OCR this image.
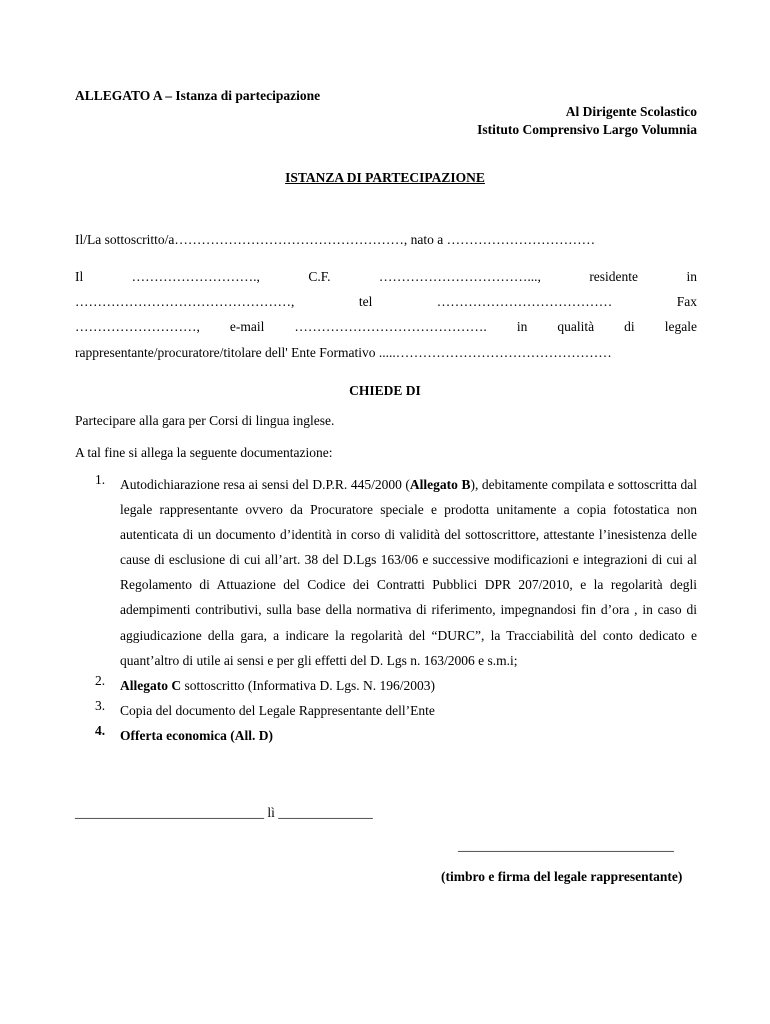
ALLEGATO A – Istanza di partecipazione
Al Dirigente Scolastico
Istituto Comprensivo Largo Volumnia
ISTANZA DI PARTECIPAZIONE
Il/La sottoscritto/a……………………………………………, nato a ……………………………
Il	……………………….,	C.F.	……………………………...,	residente	in
…………………………………………,	tel	…………………………………	Fax
………………………, e-mail ……………………………………. in qualità di legale
rappresentante/procuratore/titolare dell' Ente Formativo .....…………………………………………
CHIEDE DI
Partecipare alla gara per Corsi di lingua inglese.
A tal fine si allega la seguente documentazione:
1.	Autodichiarazione resa ai sensi del D.P.R. 445/2000 (Allegato B), debitamente compilata e sottoscritta dal legale rappresentante ovvero da Procuratore speciale e prodotta unitamente a copia fotostatica non autenticata di un documento d’identità in corso di validità del sottoscrittore, attestante l’inesistenza delle cause di esclusione di cui all’art. 38 del D.Lgs 163/06 e successive modificazioni e integrazioni di cui al Regolamento di Attuazione del Codice dei Contratti Pubblici DPR 207/2010, e la regolarità degli adempimenti contributivi, sulla base della normativa di riferimento, impegnandosi fin d’ora , in caso di aggiudicazione della gara, a indicare la regolarità del “DURC”, la Tracciabilità del conto dedicato e quant’altro di utile ai sensi e per gli effetti del D. Lgs n. 163/2006 e s.m.i;
2.	Allegato C sottoscritto (Informativa D. Lgs. N. 196/2003)
3.	Copia del documento del Legale Rappresentante dell’Ente
4.	Offerta economica (All. D)
____________________________ lì ______________
________________________________
(timbro e firma del legale rappresentante)
